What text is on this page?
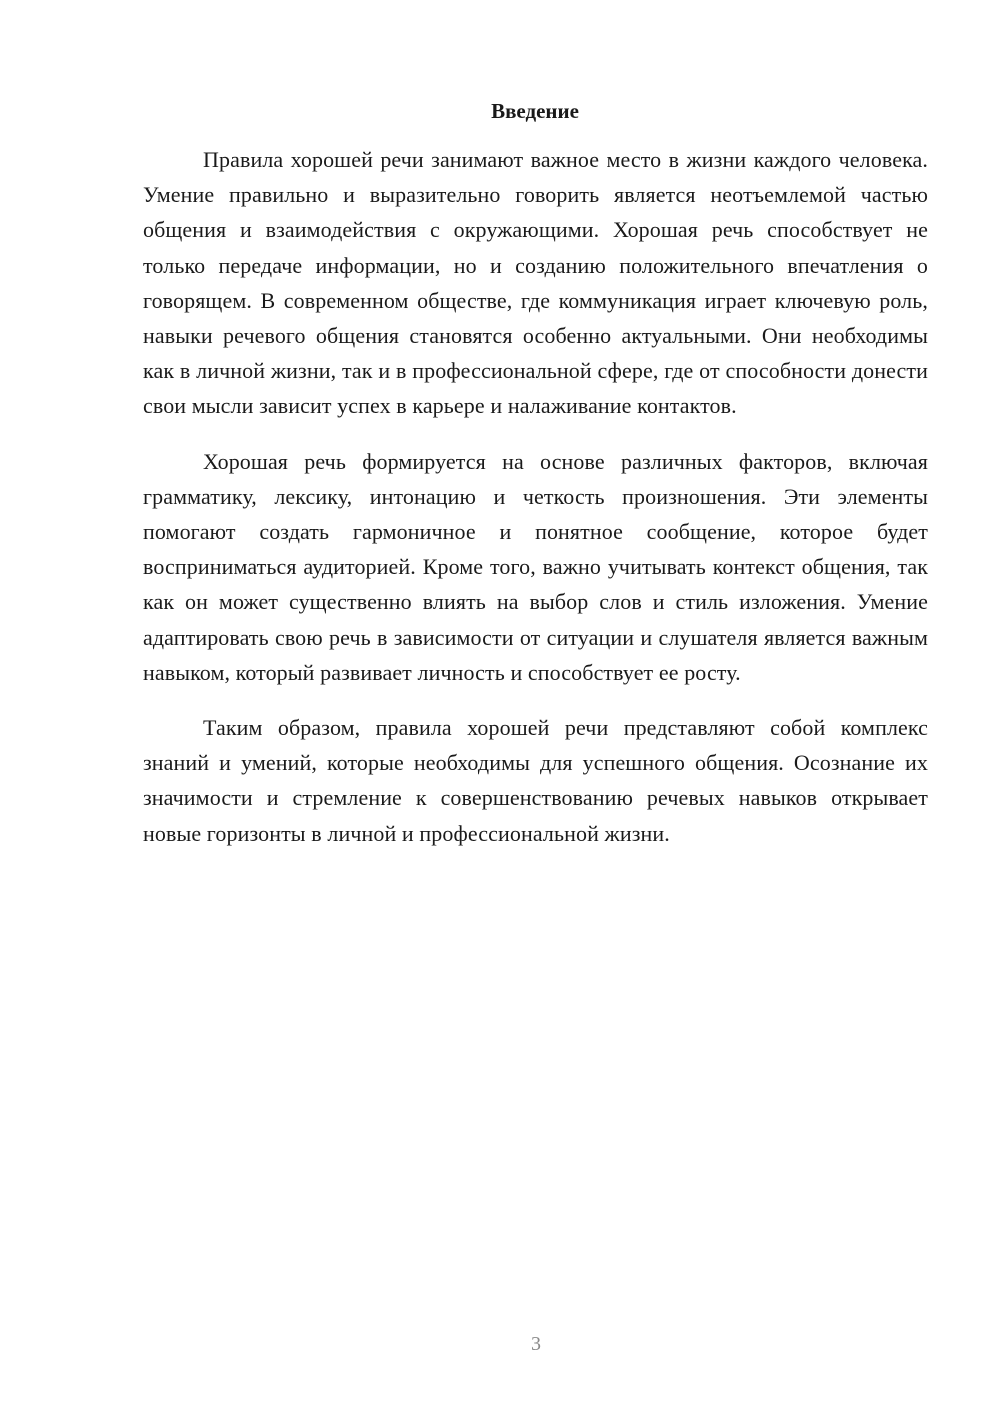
Введение

Правила хорошей речи занимают важное место в жизни каждого человека. Умение правильно и выразительно говорить является неотъемлемой частью общения и взаимодействия с окружающими. Хорошая речь способствует не только передаче информации, но и созданию положительного впечатления о говорящем. В современном обществе, где коммуникация играет ключевую роль, навыки речевого общения становятся особенно актуальными. Они необходимы как в личной жизни, так и в профессиональной сфере, где от способности донести свои мысли зависит успех в карьере и налаживание контактов.

Хорошая речь формируется на основе различных факторов, включая грамматику, лексику, интонацию и четкость произношения. Эти элементы помогают создать гармоничное и понятное сообщение, которое будет восприниматься аудиторией. Кроме того, важно учитывать контекст общения, так как он может существенно влиять на выбор слов и стиль изложения. Умение адаптировать свою речь в зависимости от ситуации и слушателя является важным навыком, который развивает личность и способствует ее росту.

Таким образом, правила хорошей речи представляют собой комплекс знаний и умений, которые необходимы для успешного общения. Осознание их значимости и стремление к совершенствованию речевых навыков открывает новые горизонты в личной и профессиональной жизни.

3
